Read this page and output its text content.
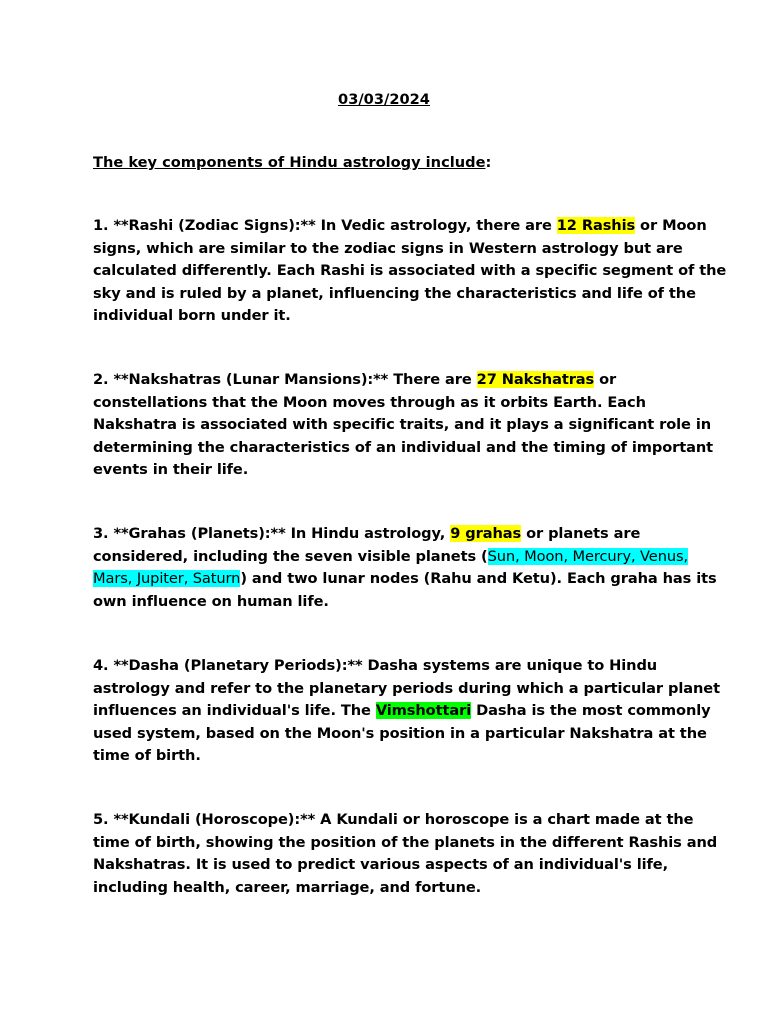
03/03/2024
The key components of Hindu astrology include:
1. **Rashi (Zodiac Signs):** In Vedic astrology, there are 12 Rashis or Moon
signs, which are similar to the zodiac signs in Western astrology but are
calculated differently. Each Rashi is associated with a specific segment of the
sky and is ruled by a planet, influencing the characteristics and life of the
individual born under it.
2. **Nakshatras (Lunar Mansions):** There are 27 Nakshatras or
constellations that the Moon moves through as it orbits Earth. Each
Nakshatra is associated with specific traits, and it plays a significant role in
determining the characteristics of an individual and the timing of important
events in their life.
3. **Grahas (Planets):** In Hindu astrology, 9 grahas or planets are
considered, including the seven visible planets (Sun, Moon, Mercury, Venus,
Mars, Jupiter, Saturn) and two lunar nodes (Rahu and Ketu). Each graha has its
own influence on human life.
4. **Dasha (Planetary Periods):** Dasha systems are unique to Hindu
astrology and refer to the planetary periods during which a particular planet
influences an individual's life. The Vimshottari Dasha is the most commonly
used system, based on the Moon's position in a particular Nakshatra at the
time of birth.
5. **Kundali (Horoscope):** A Kundali or horoscope is a chart made at the
time of birth, showing the position of the planets in the different Rashis and
Nakshatras. It is used to predict various aspects of an individual's life,
including health, career, marriage, and fortune.
